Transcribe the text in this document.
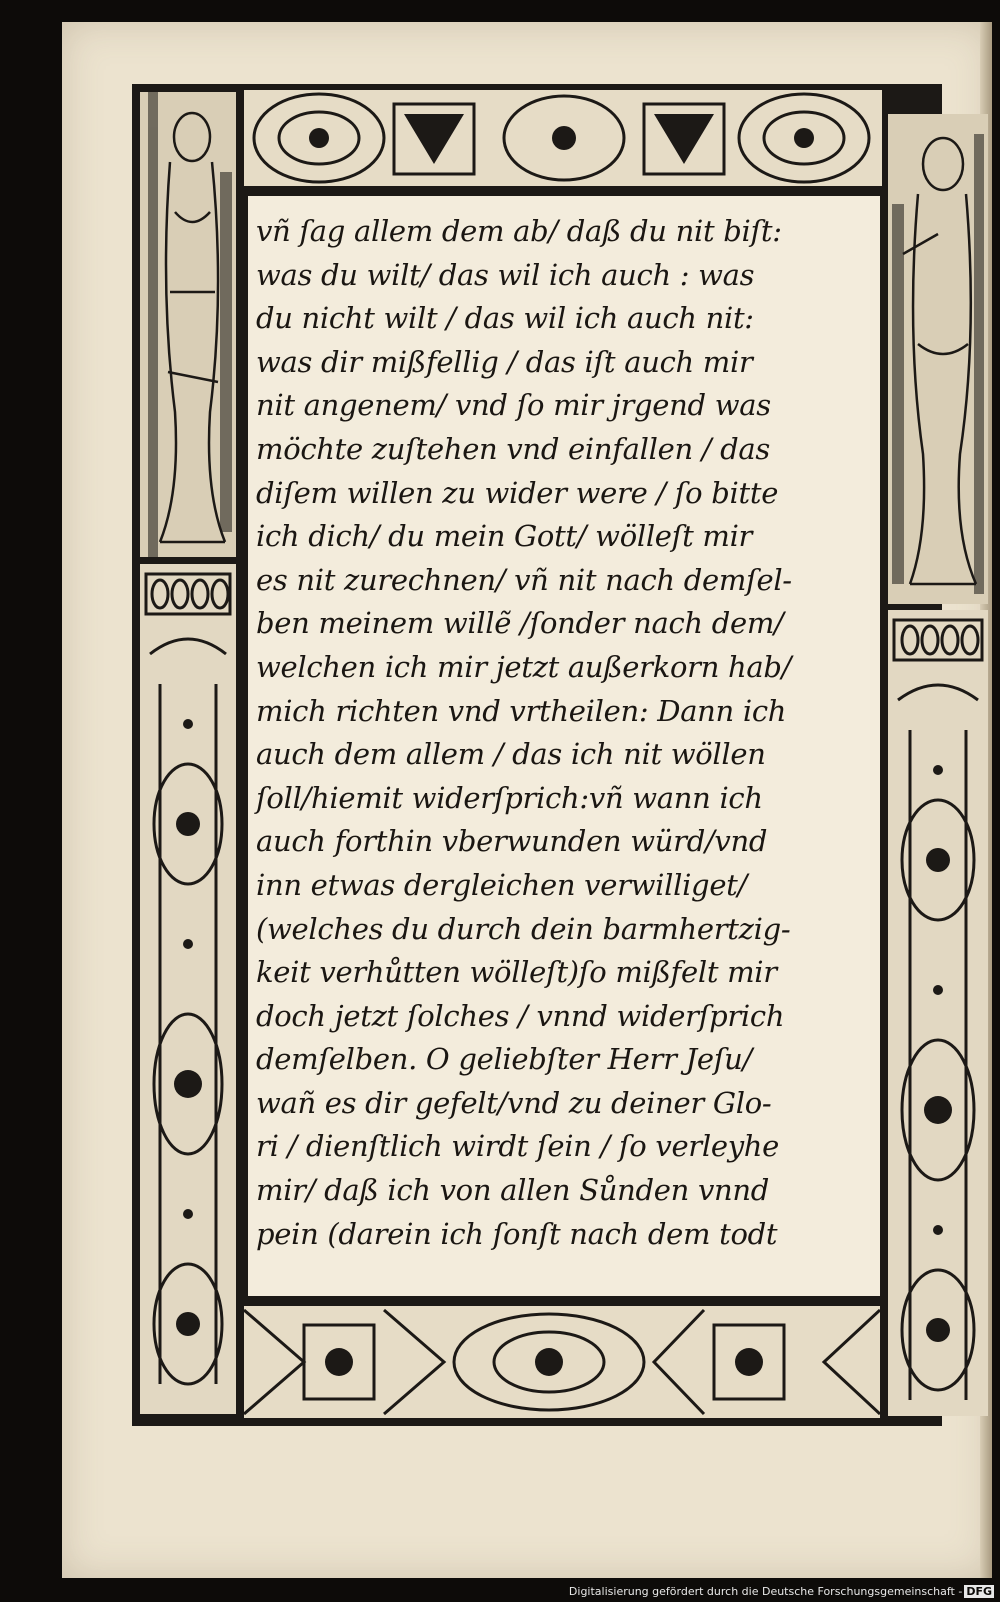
vñ ſag allem dem ab/ daß du nit biſt:
was du wilt/ das wil ich auch : was
du nicht wilt / das wil ich auch nit:
was dir mißfellig / das iſt auch mir
nit angenem/ vnd ſo mir jrgend was
möchte zuſtehen vnd einfallen / das
diſem willen zu wider were / ſo bitte
ich dich/ du mein Gott/ wölleſt mir
es nit zurechnen/ vñ nit nach demſel-
ben meinem willẽ /ſonder nach dem/
welchen ich mir jetzt außerkorn hab/
mich richten vnd vrtheilen: Dann ich
auch dem allem / das ich nit wöllen
ſoll/hiemit widerſprich:vñ wann ich
auch forthin vberwunden würd/vnd
inn etwas dergleichen verwilliget/
(welches du durch dein barmhertzig-
keit verhůtten wölleſt)ſo mißfelt mir
doch jetzt ſolches / vnnd widerſprich
demſelben. O geliebſter Herr Jeſu/
wañ es dir gefelt/vnd zu deiner Glo-
ri / dienſtlich wirdt ſein / ſo verleyhe
mir/ daß ich von allen Sůnden vnnd
pein (darein ich ſonſt nach dem todt
Digitalisierung gefördert durch die Deutsche Forschungsgemeinschaft - DFG
